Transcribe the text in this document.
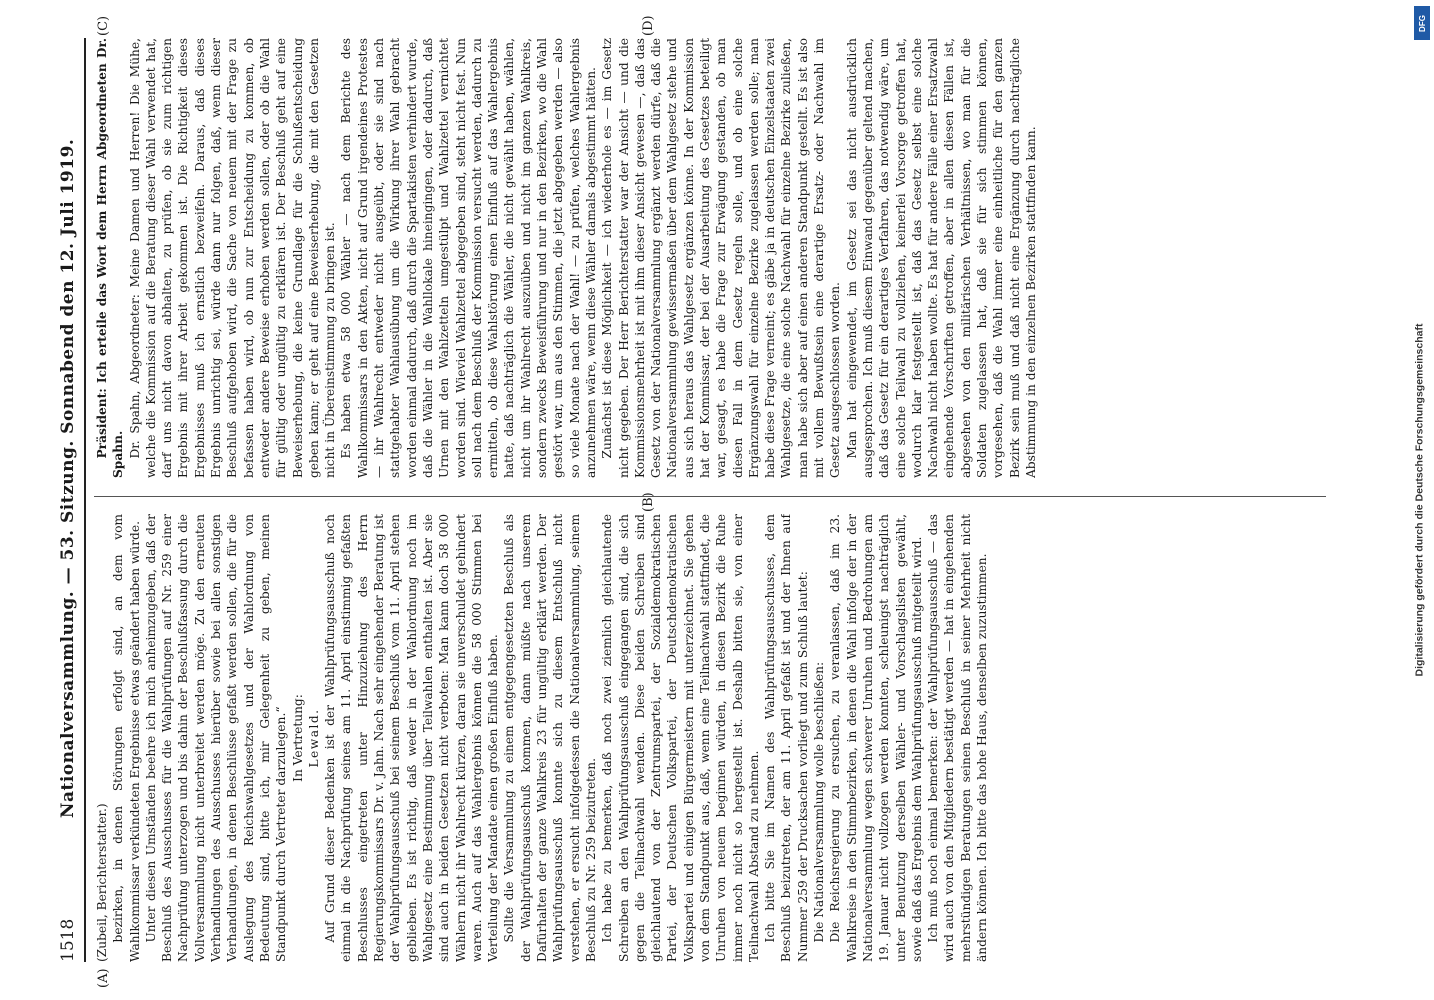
1518
Nationalversammlung. — 53. Sitzung. Sonnabend den 12. Juli 1919.
(A)
(B)
(C)	(D)

(Zubeil, Berichterstatter.) bezirken, in denen Störungen erfolgt sind, an dem vom Wahlkommissar verkündeten Ergebnisse etwas geändert haben würde. Unter diesen Umständen beehre ich mich anheimzugeben, daß der Beschluß des Ausschusses für die Wahlprüfungen auf Nr. 259 einer Nachprüfung unterzogen und bis dahin der Beschlußfassung durch die Vollversammlung nicht unterbreitet werden möge. Zu den erneuten Verhandlungen des Ausschusses hierüber sowie bei allen sonstigen Verhandlungen, in denen Beschlüsse gefaßt werden sollen, die für die Auslegung des Reichswahlgesetzes und der Wahlordnung von Bedeutung sind, bitte ich, mir Gelegenheit zu geben, meinen Standpunkt durch Vertreter darzulegen.“ In Vertretung: Lewald. Auf Grund dieser Bedenken ist der Wahlprüfungsausschuß noch einmal in die Nachprüfung seines am 11. April einstimmig gefaßten Beschlusses eingetreten unter Hinzuziehung des Herrn Regierungskommissars Dr. v. Jahn. Nach sehr eingehender Beratung ist der Wahlprüfungsausschuß bei seinem Beschluß vom 11. April stehen geblieben. Es ist richtig, daß weder in der Wahlordnung noch im Wahlgesetz eine Bestimmung über Teilwahlen enthalten ist. Aber sie sind auch in beiden Gesetzen nicht verboten: Man kann doch 58 000 Wählern nicht ihr Wahlrecht kürzen, daran sie unverschuldet gehindert waren. Auch auf das Wahlergebnis können die 58 000 Stimmen bei Verteilung der Mandate einen großen Einfluß haben. Sollte die Versammlung zu einem entgegengesetzten Beschluß als der Wahlprüfungsausschuß kommen, dann müßte nach unserem Dafürhalten der ganze Wahlkreis 23 für ungültig erklärt werden. Der Wahlprüfungsausschuß konnte sich zu diesem Entschluß nicht verstehen, er ersucht infolgedessen die Nationalversammlung, seinem Beschluß zu Nr. 259 beizutreten. Ich habe zu bemerken, daß noch zwei ziemlich gleichlautende Schreiben an den Wahlprüfungsausschuß eingegangen sind, die sich gegen die Teilnachwahl wenden. Diese beiden Schreiben sind gleichlautend von der Zentrumspartei, der Sozialdemokratischen Partei, der Deutschen Volkspartei, der Deutschdemokratischen Volkspartei und einigen Bürgermeistern mit unterzeichnet. Sie gehen von dem Standpunkt aus, daß, wenn eine Teilnachwahl stattfindet, die Unruhen von neuem beginnen würden, in diesen Bezirk die Ruhe immer noch nicht so hergestellt ist. Deshalb bitten sie, von einer Teilnachwahl Abstand zu nehmen. Ich bitte Sie im Namen des Wahlprüfungsausschusses, dem Beschluß beizutreten, der am 11. April gefaßt ist und der Ihnen auf Nummer 259 der Drucksachen vorliegt und zum Schluß lautet: Die Nationalversammlung wolle beschließen: Die Reichsregierung zu ersuchen, zu veranlassen, daß im 23. Wahlkreise in den Stimmbezirken, in denen die Wahl infolge der in der Nationalversammlung wegen schwerer Unruhen und Bedrohungen am 19. Januar nicht vollzogen werden konnten, schleunigst nachträglich unter Benutzung derselben Wähler- und Vorschlagslisten gewählt, sowie daß das Ergebnis dem Wahlprüfungsausschuß mitgeteilt wird. Ich muß noch einmal bemerken: der Wahlprüfungsausschuß — das wird auch von den Mitgliedern bestätigt werden — hat in eingehenden mehrstündigen Beratungen seinen Beschluß in seiner Mehrheit nicht ändern können. Ich bitte das hohe Haus, denselben zuzustimmen.

Präsident: Ich erteile das Wort dem Herrn Abgeordneten Dr. Spahn. Dr. Spahn, Abgeordneter: Meine Damen und Herren! Die Mühe, welche die Kommission auf die Beratung dieser Wahl verwendet hat, darf uns nicht davon abhalten, zu prüfen, ob sie zum richtigen Ergebnis mit ihrer Arbeit gekommen ist. Die Richtigkeit dieses Ergebnisses muß ich ernstlich bezweifeln. Daraus, daß dieses Ergebnis unrichtig sei, würde dann nur folgen, daß, wenn dieser Beschluß aufgehoben wird, die Sache von neuem mit der Frage zu befassen haben wird, ob nun zur Entscheidung zu kommen, ob entweder andere Beweise erhoben werden sollen, oder ob die Wahl für gültig oder ungültig zu erklären ist. Der Beschluß geht auf eine Beweiserhebung, die keine Grundlage für die Schlußentscheidung geben kann; er geht auf eine Beweiserhebung, die mit den Gesetzen nicht in Übereinstimmung zu bringen ist. Es haben etwa 58 000 Wähler — nach dem Berichte des Wahlkommissars in den Akten, nicht auf Grund irgendeines Protestes — ihr Wahlrecht entweder nicht ausgeübt, oder sie sind nach stattgehabter Wahlausübung um die Wirkung ihrer Wahl gebracht worden einmal dadurch, daß durch die Spartakisten verhindert wurde, daß die Wähler in die Wahllokale hineingingen, oder dadurch, daß Urnen mit den Wahlzetteln umgestülpt und Wahlzettel vernichtet worden sind. Wieviel Wahlzettel abgegeben sind, steht nicht fest. Nun soll nach dem Beschluß der Kommission versucht werden, dadurch zu ermitteln, ob diese Wahlstörung einen Einfluß auf das Wahlergebnis hatte, daß nachträglich die Wähler, die nicht gewählt haben, wählen, nicht um ihr Wahlrecht auszuüben und nicht im ganzen Wahlkreis, sondern zwecks Beweisführung und nur in den Bezirken, wo die Wahl gestört war, um aus den Stimmen, die jetzt abgegeben werden — also so viele Monate nach der Wahl! — zu prüfen, welches Wahlergebnis anzunehmen wäre, wenn diese Wähler damals abgestimmt hätten. Zunächst ist diese Möglichkeit — ich wiederhole es — im Gesetz nicht gegeben. Der Herr Berichterstatter war der Ansicht — und die Kommissionsmehrheit ist mit ihm dieser Ansicht gewesen —, daß das Gesetz von der Nationalversammlung ergänzt werden dürfe, daß die Nationalversammlung gewissermaßen über dem Wahlgesetz stehe und aus sich heraus das Wahlgesetz ergänzen könne. In der Kommission hat der Kommissar, der bei der Ausarbeitung des Gesetzes beteiligt war, gesagt, es habe die Frage zur Erwägung gestanden, ob man diesen Fall in dem Gesetz regeln solle, und ob eine solche Ergänzungswahl für einzelne Bezirke zugelassen werden solle; man habe diese Frage verneint; es gäbe ja in deutschen Einzelstaaten zwei Wahlgesetze, die eine solche Nachwahl für einzelne Bezirke zuließen, man habe sich aber auf einen anderen Standpunkt gestellt. Es ist also mit vollem Bewußtsein eine derartige Ersatz- oder Nachwahl im Gesetz ausgeschlossen worden. Man hat eingewendet, im Gesetz sei das nicht ausdrücklich ausgesprochen. Ich muß diesem Einwand gegenüber geltend machen, daß das Gesetz für ein derartiges Verfahren, das notwendig wäre, um eine solche Teilwahl zu vollziehen, keinerlei Vorsorge getroffen hat, wodurch klar festgestellt ist, daß das Gesetz selbst eine solche Nachwahl nicht haben wollte. Es hat für andere Fälle einer Ersatzwahl eingehende Vorschriften getroffen, aber in allen diesen Fällen ist, abgesehen von den militärischen Verhältnissen, wo man für die Soldaten zugelassen hat, daß sie für sich stimmen können, vorgesehen, daß die Wahl immer eine einheitliche für den ganzen Bezirk sein muß und daß nicht eine Ergänzung durch nachträgliche Abstimmung in den einzelnen Bezirken stattfinden kann.

DFG
Digitalisierung gefördert durch die Deutsche Forschungsgemeinschaft
